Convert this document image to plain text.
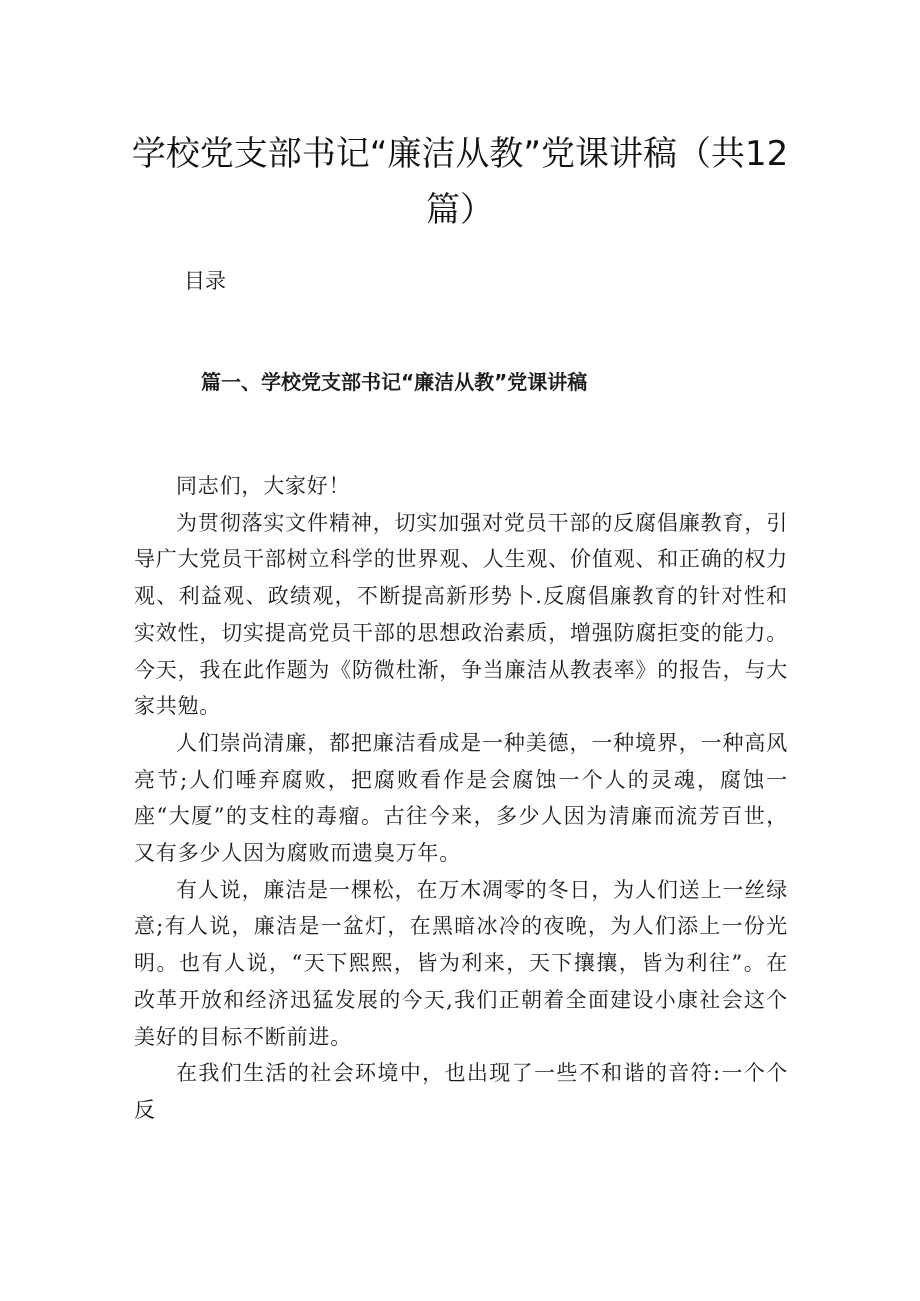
学校党支部书记“廉洁从教”党课讲稿（共12篇）

目录

篇一、学校党支部书记“廉洁从教”党课讲稿

同志们，大家好！

为贯彻落实文件精神，切实加强对党员干部的反腐倡廉教育，引导广大党员干部树立科学的世界观、人生观、价值观、和正确的权力观、利益观、政绩观，不断提高新形势卜.反腐倡廉教育的针对性和实效性，切实提高党员干部的思想政治素质，增强防腐拒变的能力。今天，我在此作题为《防微杜渐，争当廉洁从教表率》的报告，与大家共勉。

人们崇尚清廉，都把廉洁看成是一种美德，一种境界，一种高风亮节;人们唾弃腐败，把腐败看作是会腐蚀一个人的灵魂，腐蚀一座“大厦”的支柱的毒瘤。古往今来，多少人因为清廉而流芳百世，又有多少人因为腐败而遗臭万年。

有人说，廉洁是一棵松，在万木凋零的冬日，为人们送上一丝绿意;有人说，廉洁是一盆灯，在黑暗冰冷的夜晚，为人们添上一份光明。也有人说，“天下熙熙，皆为利来，天下攘攘，皆为利往”。在改革开放和经济迅猛发展的今天,我们正朝着全面建设小康社会这个美好的目标不断前进。

在我们生活的社会环境中，也出现了一些不和谐的音符:一个个反
